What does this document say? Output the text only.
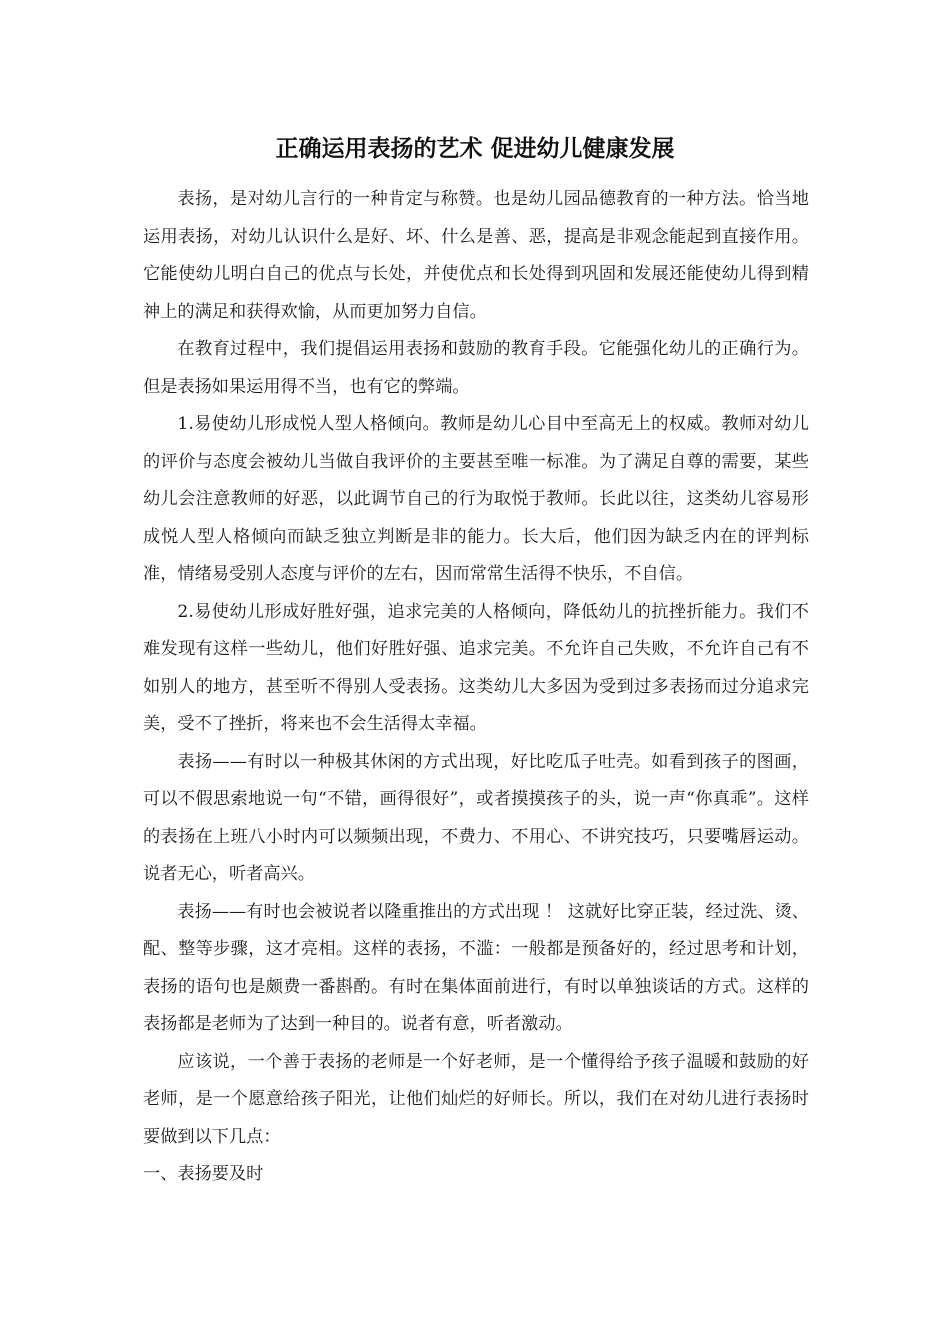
正确运用表扬的艺术 促进幼儿健康发展

表扬，是对幼儿言行的一种肯定与称赞。也是幼儿园品德教育的一种方法。恰当地运用表扬，对幼儿认识什么是好、坏、什么是善、恶，提高是非观念能起到直接作用。它能使幼儿明白自己的优点与长处，并使优点和长处得到巩固和发展还能使幼儿得到精神上的满足和获得欢愉，从而更加努力自信。

在教育过程中，我们提倡运用表扬和鼓励的教育手段。它能强化幼儿的正确行为。但是表扬如果运用得不当，也有它的弊端。

1.易使幼儿形成悦人型人格倾向。教师是幼儿心目中至高无上的权威。教师对幼儿的评价与态度会被幼儿当做自我评价的主要甚至唯一标准。为了满足自尊的需要，某些幼儿会注意教师的好恶，以此调节自己的行为取悦于教师。长此以往，这类幼儿容易形成悦人型人格倾向而缺乏独立判断是非的能力。长大后，他们因为缺乏内在的评判标准，情绪易受别人态度与评价的左右，因而常常生活得不快乐，不自信。

2.易使幼儿形成好胜好强，追求完美的人格倾向，降低幼儿的抗挫折能力。我们不难发现有这样一些幼儿，他们好胜好强、追求完美。不允许自己失败，不允许自己有不如别人的地方，甚至听不得别人受表扬。这类幼儿大多因为受到过多表扬而过分追求完美，受不了挫折，将来也不会生活得太幸福。

表扬——有时以一种极其休闲的方式出现，好比吃瓜子吐壳。如看到孩子的图画，可以不假思索地说一句“不错，画得很好”，或者摸摸孩子的头，说一声“你真乖”。这样的表扬在上班八小时内可以频频出现，不费力、不用心、不讲究技巧，只要嘴唇运动。说者无心，听者高兴。

表扬——有时也会被说者以隆重推出的方式出现 ！ 这就好比穿正装，经过洗、烫、配、整等步骤，这才亮相。这样的表扬，不滥：一般都是预备好的，经过思考和计划，表扬的语句也是颇费一番斟酌。有时在集体面前进行，有时以单独谈话的方式。这样的表扬都是老师为了达到一种目的。说者有意，听者激动。

应该说，一个善于表扬的老师是一个好老师，是一个懂得给予孩子温暖和鼓励的好老师，是一个愿意给孩子阳光，让他们灿烂的好师长。所以，我们在对幼儿进行表扬时要做到以下几点：

一、表扬要及时
